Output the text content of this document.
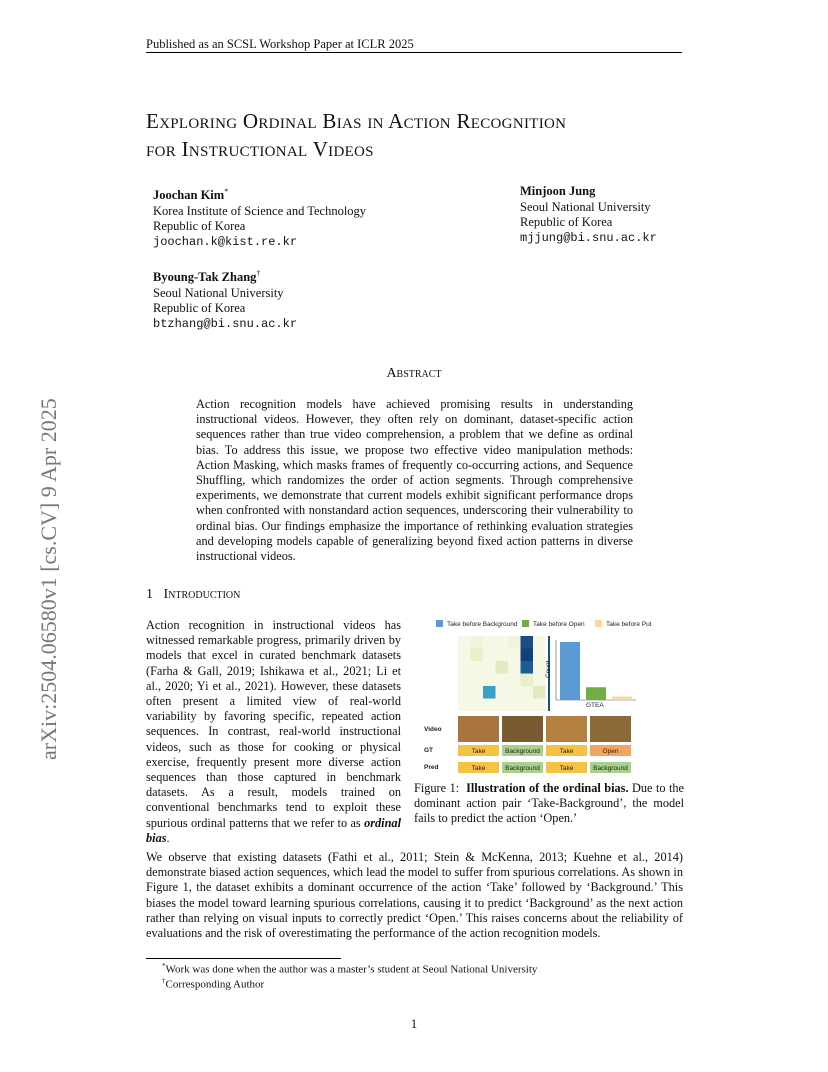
Published as an SCSL Workshop Paper at ICLR 2025
Exploring Ordinal Bias in Action Recognition
for Instructional Videos
Joochan Kim*
Korea Institute of Science and Technology
Republic of Korea
joochan.k@kist.re.kr
Minjoon Jung
Seoul National University
Republic of Korea
mjjung@bi.snu.ac.kr
Byoung-Tak Zhang†
Seoul National University
Republic of Korea
btzhang@bi.snu.ac.kr
arXiv:2504.06580v1 [cs.CV] 9 Apr 2025
Abstract
Action recognition models have achieved promising results in understanding instructional videos. However, they often rely on dominant, dataset-specific action sequences rather than true video comprehension, a problem that we define as ordinal bias. To address this issue, we propose two effective video manipulation methods: Action Masking, which masks frames of frequently co-occurring actions, and Sequence Shuffling, which randomizes the order of action segments. Through comprehensive experiments, we demonstrate that current models exhibit significant performance drops when confronted with nonstandard action sequences, underscoring their vulnerability to ordinal bias. Our findings emphasize the importance of rethinking evaluation strategies and developing models capable of generalizing beyond fixed action patterns in diverse instructional videos.
1 Introduction
Action recognition in instructional videos has witnessed remarkable progress, primarily driven by models that excel in curated benchmark datasets (Farha & Gall, 2019; Ishikawa et al., 2021; Li et al., 2020; Yi et al., 2021). However, these datasets often present a limited view of real-world variability by favoring specific, repeated action sequences. In contrast, real-world instructional videos, such as those for cooking or physical exercise, frequently present more diverse action sequences than those captured in benchmark datasets. As a result, models trained on conventional benchmarks tend to exploit these spurious ordinal patterns that we refer to as ordinal bias.
Take before Background Take before Open	Take before Put
Count
GTEA
Video
GT
Pred
Take	Background	Take	Open
Take	Background	Take	Background
Figure 1: Illustration of the ordinal bias. Due to the dominant action pair ‘Take-Background’, the model fails to predict the action ‘Open.’
We observe that existing datasets (Fathi et al., 2011; Stein & McKenna, 2013; Kuehne et al., 2014) demonstrate biased action sequences, which lead the model to suffer from spurious correlations. As shown in Figure 1, the dataset exhibits a dominant occurrence of the action ‘Take’ followed by ‘Background.’ This biases the model toward learning spurious correlations, causing it to predict ‘Background’ as the next action rather than relying on visual inputs to correctly predict ‘Open.’ This raises concerns about the reliability of evaluations and the risk of overestimating the performance of the action recognition models.
*Work was done when the author was a master’s student at Seoul National University
†Corresponding Author
1
